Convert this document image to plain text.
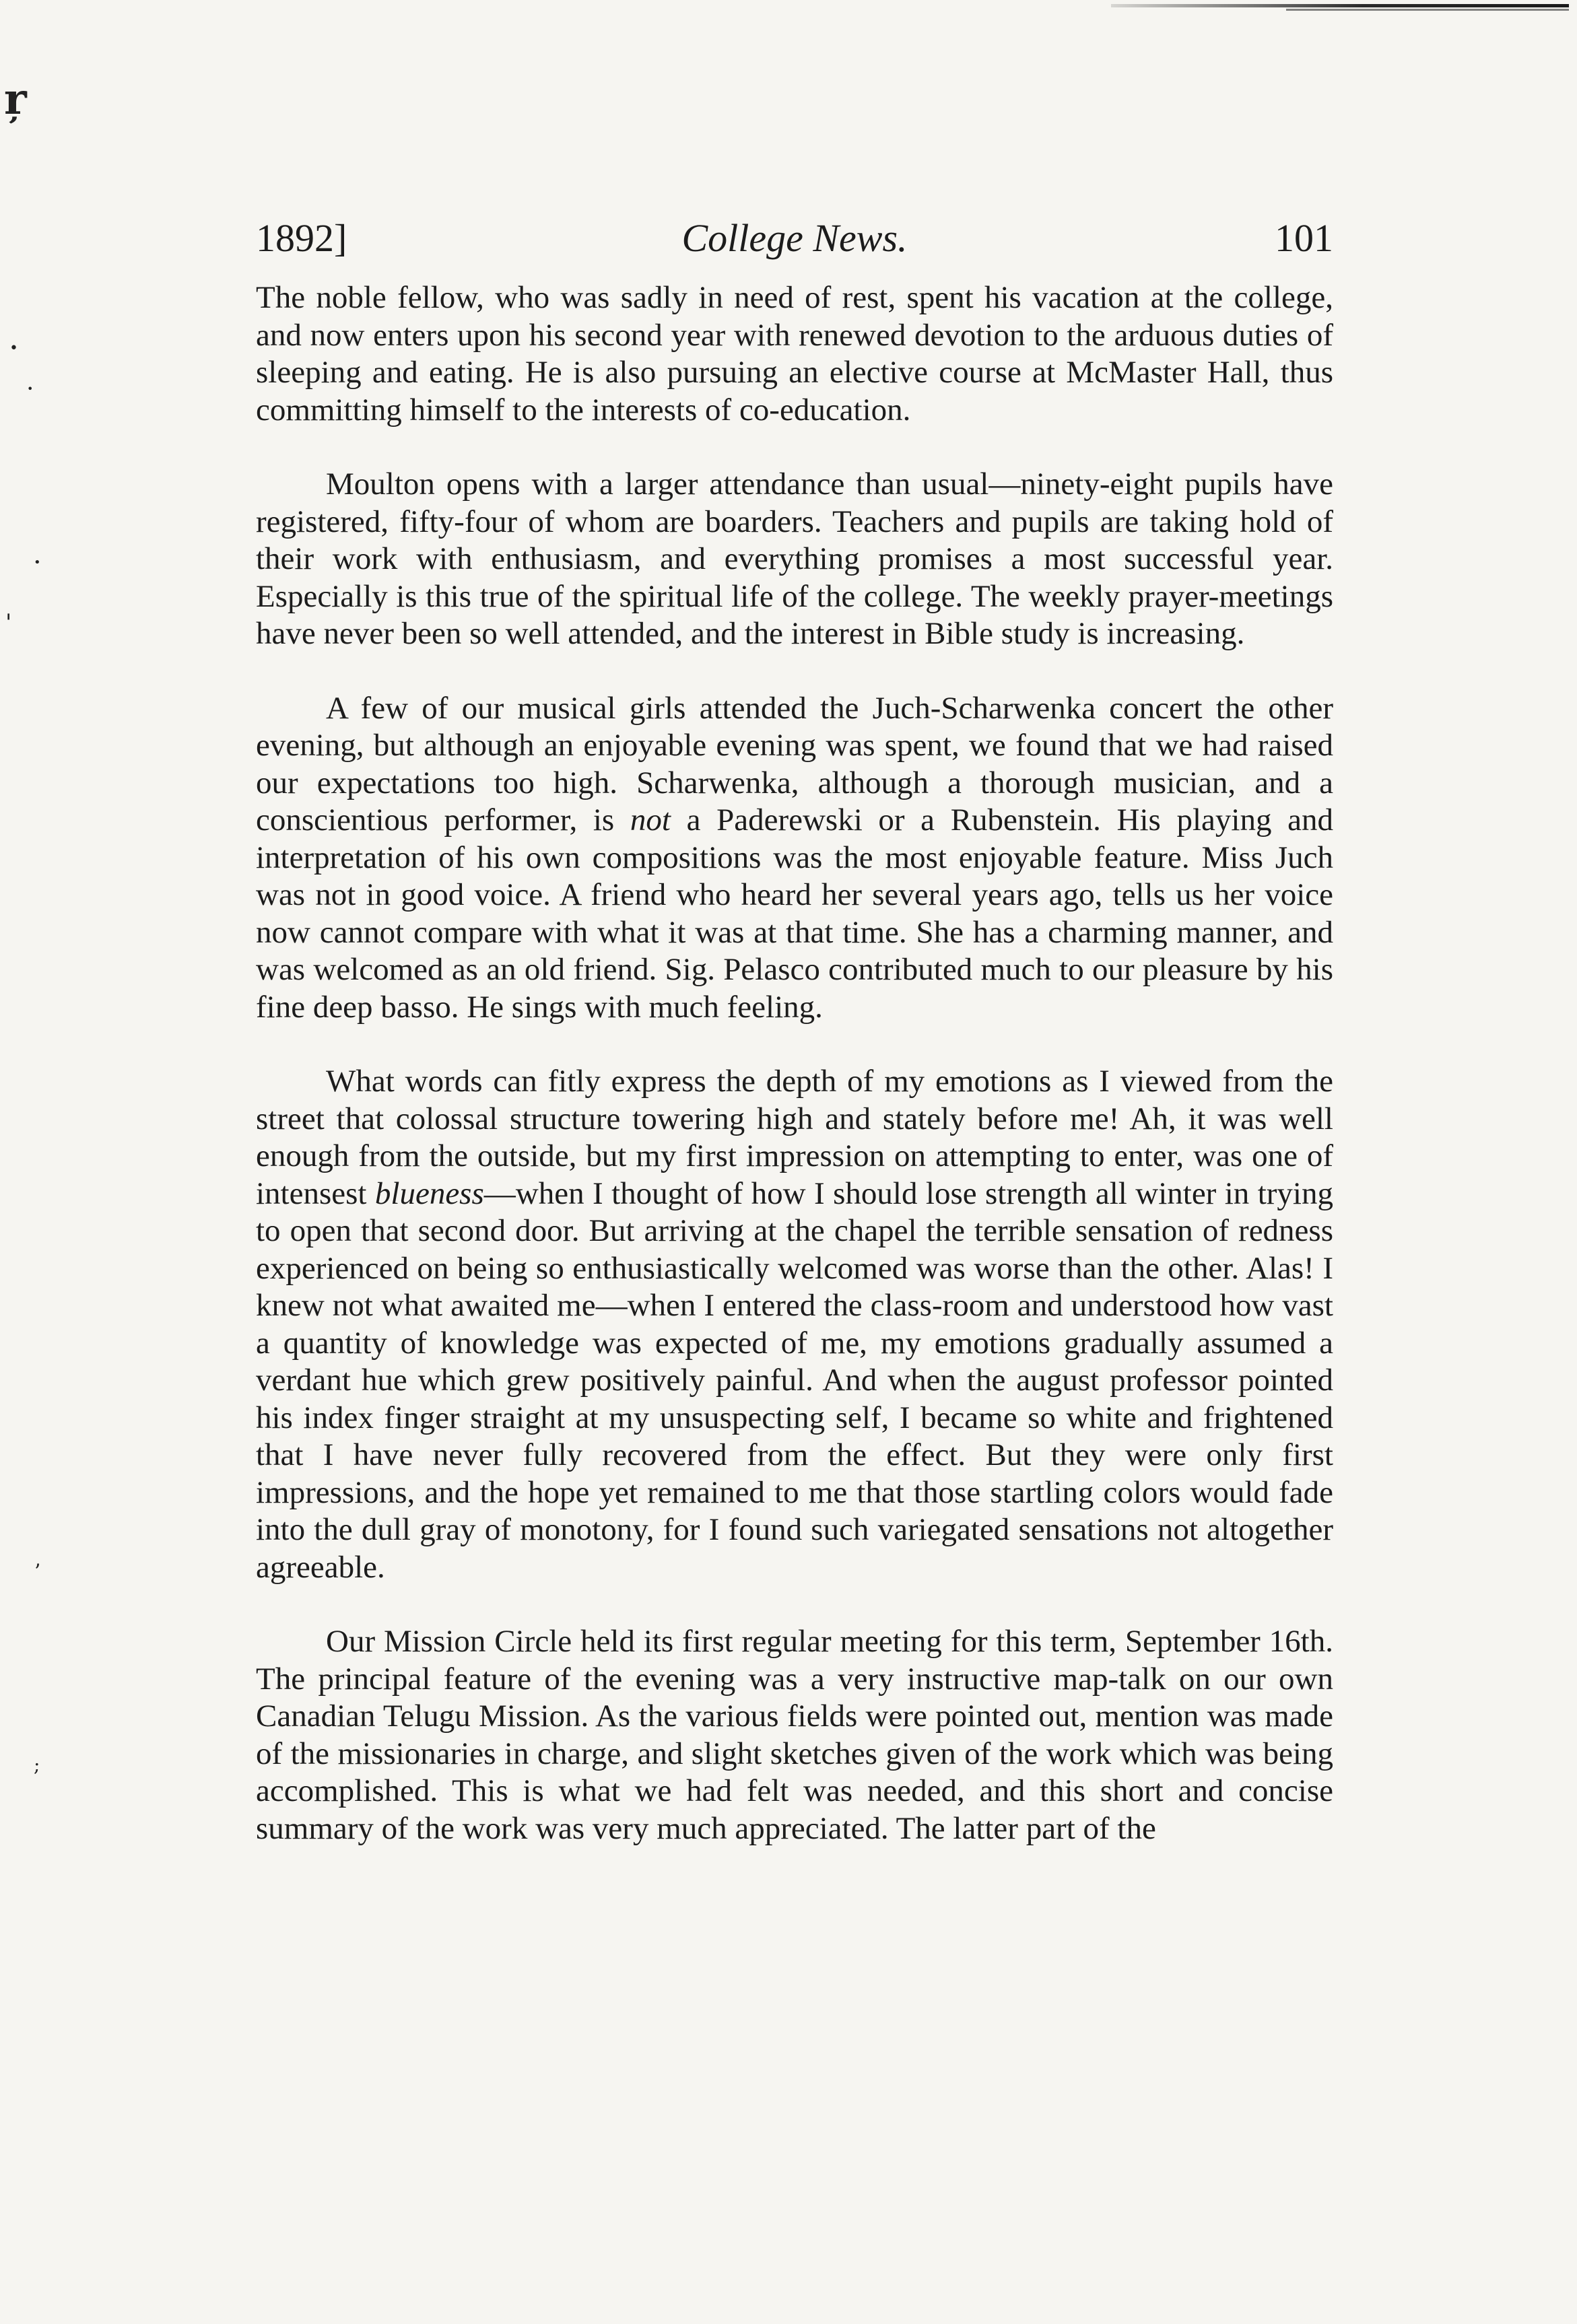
ŗ
•
•
•
'
ʼ
;
1892]	College News.	101

The noble fellow, who was sadly in need of rest, spent his vacation at the college, and now enters upon his second year with renewed devotion to the arduous duties of sleeping and eating. He is also pursuing an elective course at McMaster Hall, thus committing himself to the interests of co-education.

Moulton opens with a larger attendance than usual—ninety-eight pupils have registered, fifty-four of whom are boarders. Teachers and pupils are taking hold of their work with enthusiasm, and everything promises a most successful year. Especially is this true of the spiritual life of the college. The weekly prayer-meetings have never been so well attended, and the interest in Bible study is increasing.

A few of our musical girls attended the Juch-Scharwenka concert the other evening, but although an enjoyable evening was spent, we found that we had raised our expectations too high. Scharwenka, although a thorough musician, and a conscientious performer, is not a Paderewski or a Rubenstein. His playing and interpretation of his own compositions was the most enjoyable feature. Miss Juch was not in good voice. A friend who heard her several years ago, tells us her voice now cannot compare with what it was at that time. She has a charming manner, and was welcomed as an old friend. Sig. Pelasco contributed much to our pleasure by his fine deep basso. He sings with much feeling.

What words can fitly express the depth of my emotions as I viewed from the street that colossal structure towering high and stately before me! Ah, it was well enough from the outside, but my first impression on attempting to enter, was one of intensest blueness—when I thought of how I should lose strength all winter in trying to open that second door. But arriving at the chapel the terrible sensation of redness experienced on being so enthusiastically welcomed was worse than the other. Alas! I knew not what awaited me—when I entered the class-room and understood how vast a quantity of knowledge was expected of me, my emotions gradually assumed a verdant hue which grew positively painful. And when the august professor pointed his index finger straight at my unsuspecting self, I became so white and frightened that I have never fully recovered from the effect. But they were only first impressions, and the hope yet remained to me that those startling colors would fade into the dull gray of monotony, for I found such variegated sensations not altogether agreeable.

Our Mission Circle held its first regular meeting for this term, September 16th. The principal feature of the evening was a very instructive map-talk on our own Canadian Telugu Mission. As the various fields were pointed out, mention was made of the missionaries in charge, and slight sketches given of the work which was being accomplished. This is what we had felt was needed, and this short and concise summary of the work was very much appreciated. The latter part of the
